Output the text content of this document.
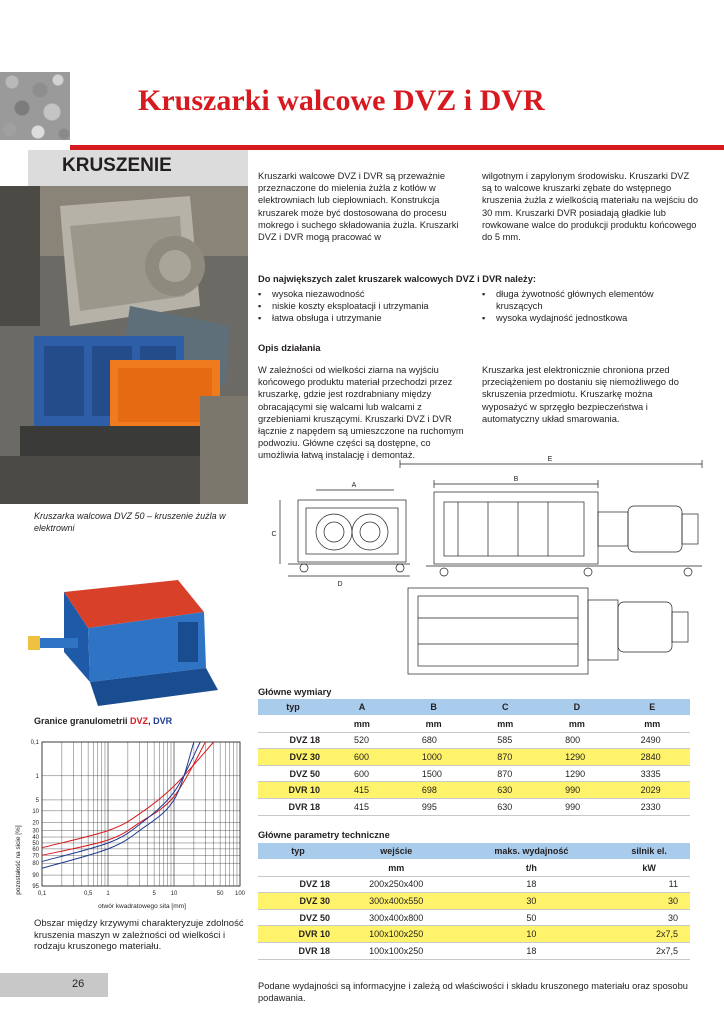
Kruszarki walcowe DVZ i DVR
KRUSZENIE
Kruszarka walcowa DVZ 50 – kruszenie żużla w elektrowni
Granice granulometrii DVZ, DVR
0,1
1
5
10
20
30
40
50
60
70
80
90
95
0,1	0,5 1	5 10	50 100
pozostałość na sicie [%]
otwór kwadratowego sita [mm]
Obszar między krzywymi charakteryzuje zdolność kruszenia maszyn w zależności od wielkości i rodzaju kruszonego materiału.
26
Kruszarki walcowe DVZ i DVR są przeważnie przeznaczone do mielenia żużla z kotłów w elektrowniach lub ciepłowniach. Konstrukcja kruszarek może być dostosowana do procesu mokrego i suchego składowania żużla. Kruszarki DVZ i DVR mogą pracować w
wilgotnym i zapylonym środowisku. Kruszarki DVZ są to walcowe kruszarki zębate do wstępnego kruszenia żużla z wielkością materiału na wejściu do 30 mm. Kruszarki DVR posiadają gładkie lub rowkowane walce do produkcji produktu końcowego do 5 mm.
Do największych zalet kruszarek walcowych DVZ i DVR należy:
▪ wysoka niezawodność
▪ niskie koszty eksploatacji i utrzymania
▪ łatwa obsługa i utrzymanie
▪ długa żywotność głównych elementów kruszących
▪ wysoka wydajność jednostkowa
Opis działania
W zależności od wielkości ziarna na wyjściu końcowego produktu materiał przechodzi przez kruszarkę, gdzie jest rozdrabniany między obracającymi się walcami lub walcami z grzebieniami kruszącymi. Kruszarki DVZ i DVR łącznie z napędem są umieszczone na ruchomym podwoziu. Główne części są dostępne, co umożliwia łatwą instalację i demontaż.
Kruszarka jest elektronicznie chroniona przed przeciążeniem po dostaniu się niemożliwego do skruszenia przedmiotu. Kruszarkę można wyposażyć w sprzęgło bezpieczeństwa i automatyczny układ smarowania.
E
B
A
C
D
Główne wymiary
typ	A	B	C	D	E
	mm	mm	mm	mm	mm
DVZ 18	520	680	585	800	2490
DVZ 30	600	1000	870	1290	2840
DVZ 50	600	1500	870	1290	3335
DVR 10	415	698	630	990	2029
DVR 18	415	995	630	990	2330
Główne parametry techniczne
typ	wejście	maks. wydajność	silnik el.
	mm	t/h	kW
DVZ 18	200x250x400	18	11
DVZ 30	300x400x550	30	30
DVZ 50	300x400x800	50	30
DVR 10	100x100x250	10	2x7,5
DVR 18	100x100x250	18	2x7,5
Podane wydajności są informacyjne i zależą od właściwości i składu kruszonego materiału oraz sposobu podawania.
